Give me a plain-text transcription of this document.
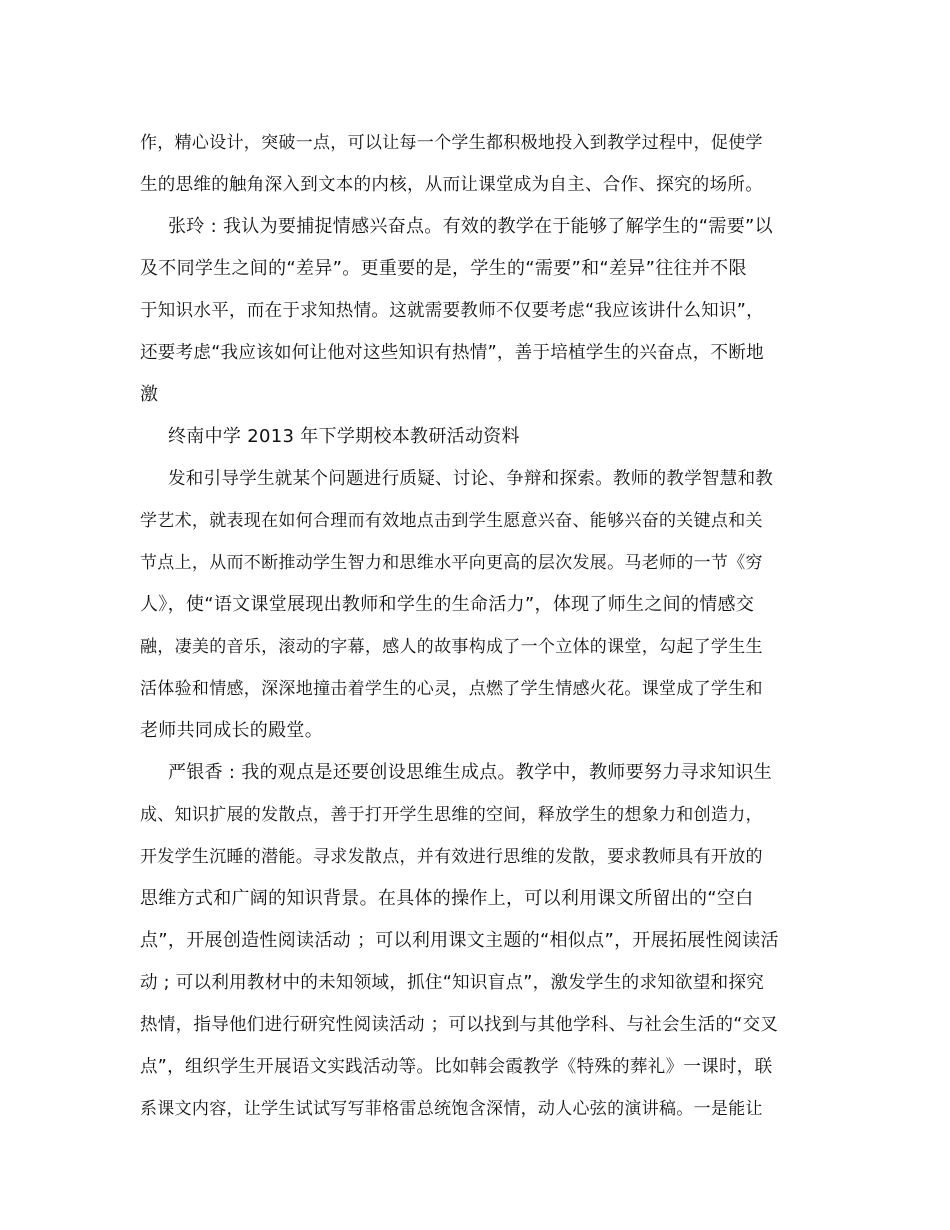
作，精心设计，突破一点，可以让每一个学生都积极地投入到教学过程中，促使学
生的思维的触角深入到文本的内核，从而让课堂成为自主、合作、探究的场所。
张玲 : 我认为要捕捉情感兴奋点。有效的教学在于能够了解学生的“需要”以
及不同学生之间的“差异”。更重要的是，学生的“需要”和“差异”往往并不限
于知识水平，而在于求知热情。这就需要教师不仅要考虑“我应该讲什么知识”，
还要考虑“我应该如何让他对这些知识有热情”，善于培植学生的兴奋点，不断地
激
终南中学 2013 年下学期校本教研活动资料
发和引导学生就某个问题进行质疑、讨论、争辩和探索。教师的教学智慧和教
学艺术，就表现在如何合理而有效地点击到学生愿意兴奋、能够兴奋的关键点和关
节点上，从而不断推动学生智力和思维水平向更高的层次发展。马老师的一节《穷
人》，使“语文课堂展现出教师和学生的生命活力”，体现了师生之间的情感交
融，凄美的音乐，滚动的字幕，感人的故事构成了一个立体的课堂，勾起了学生生
活体验和情感，深深地撞击着学生的心灵，点燃了学生情感火花。课堂成了学生和
老师共同成长的殿堂。
严银香 : 我的观点是还要创设思维生成点。教学中，教师要努力寻求知识生
成、知识扩展的发散点，善于打开学生思维的空间，释放学生的想象力和创造力，
开发学生沉睡的潜能。寻求发散点，并有效进行思维的发散，要求教师具有开放的
思维方式和广阔的知识背景。在具体的操作上，可以利用课文所留出的“空白
点”，开展创造性阅读活动 ；可以利用课文主题的“相似点”，开展拓展性阅读活
动 ; 可以利用教材中的未知领域，抓住“知识盲点”，激发学生的求知欲望和探究
热情，指导他们进行研究性阅读活动 ；可以找到与其他学科、与社会生活的“交叉
点”，组织学生开展语文实践活动等。比如韩会霞教学《特殊的葬礼》一课时，联
系课文内容，让学生试试写写菲格雷总统饱含深情，动人心弦的演讲稿。一是能让
